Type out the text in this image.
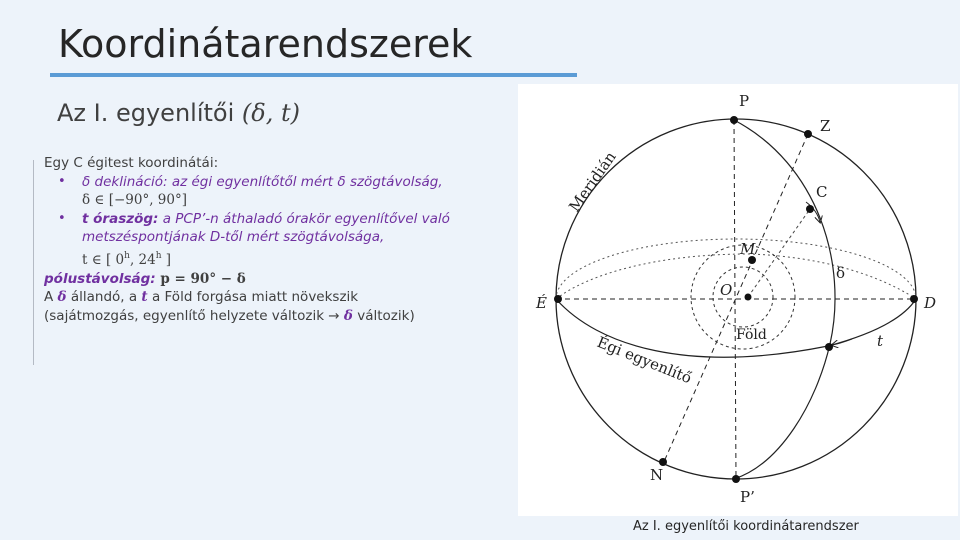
Koordinátarendszerek
Az I. egyenlítői (δ, t)
Egy C égitest koordinátái:
• δ deklináció: az égi egyenlítőtől mért δ szögtávolság,
δ ∈ [−90°, 90°]
• t óraszög: a PCP’-n áthaladó órakör egyenlítővel való
metszéspontjának D-től mért szögtávolsága,
t ∈ [ 0$^h$, 24$^h$ ]
pólustávolság: p = 90° − δ
A δ állandó, a t a Föld forgása miatt növekszik
(sajátmozgás, egyenlítő helyzete változik → δ változik)
P
Z
C
M
O
É	D
δ
t
Föld
N
P’
Meridián
Égi egyenlítő
Az I. egyenlítői koordinátarendszer
